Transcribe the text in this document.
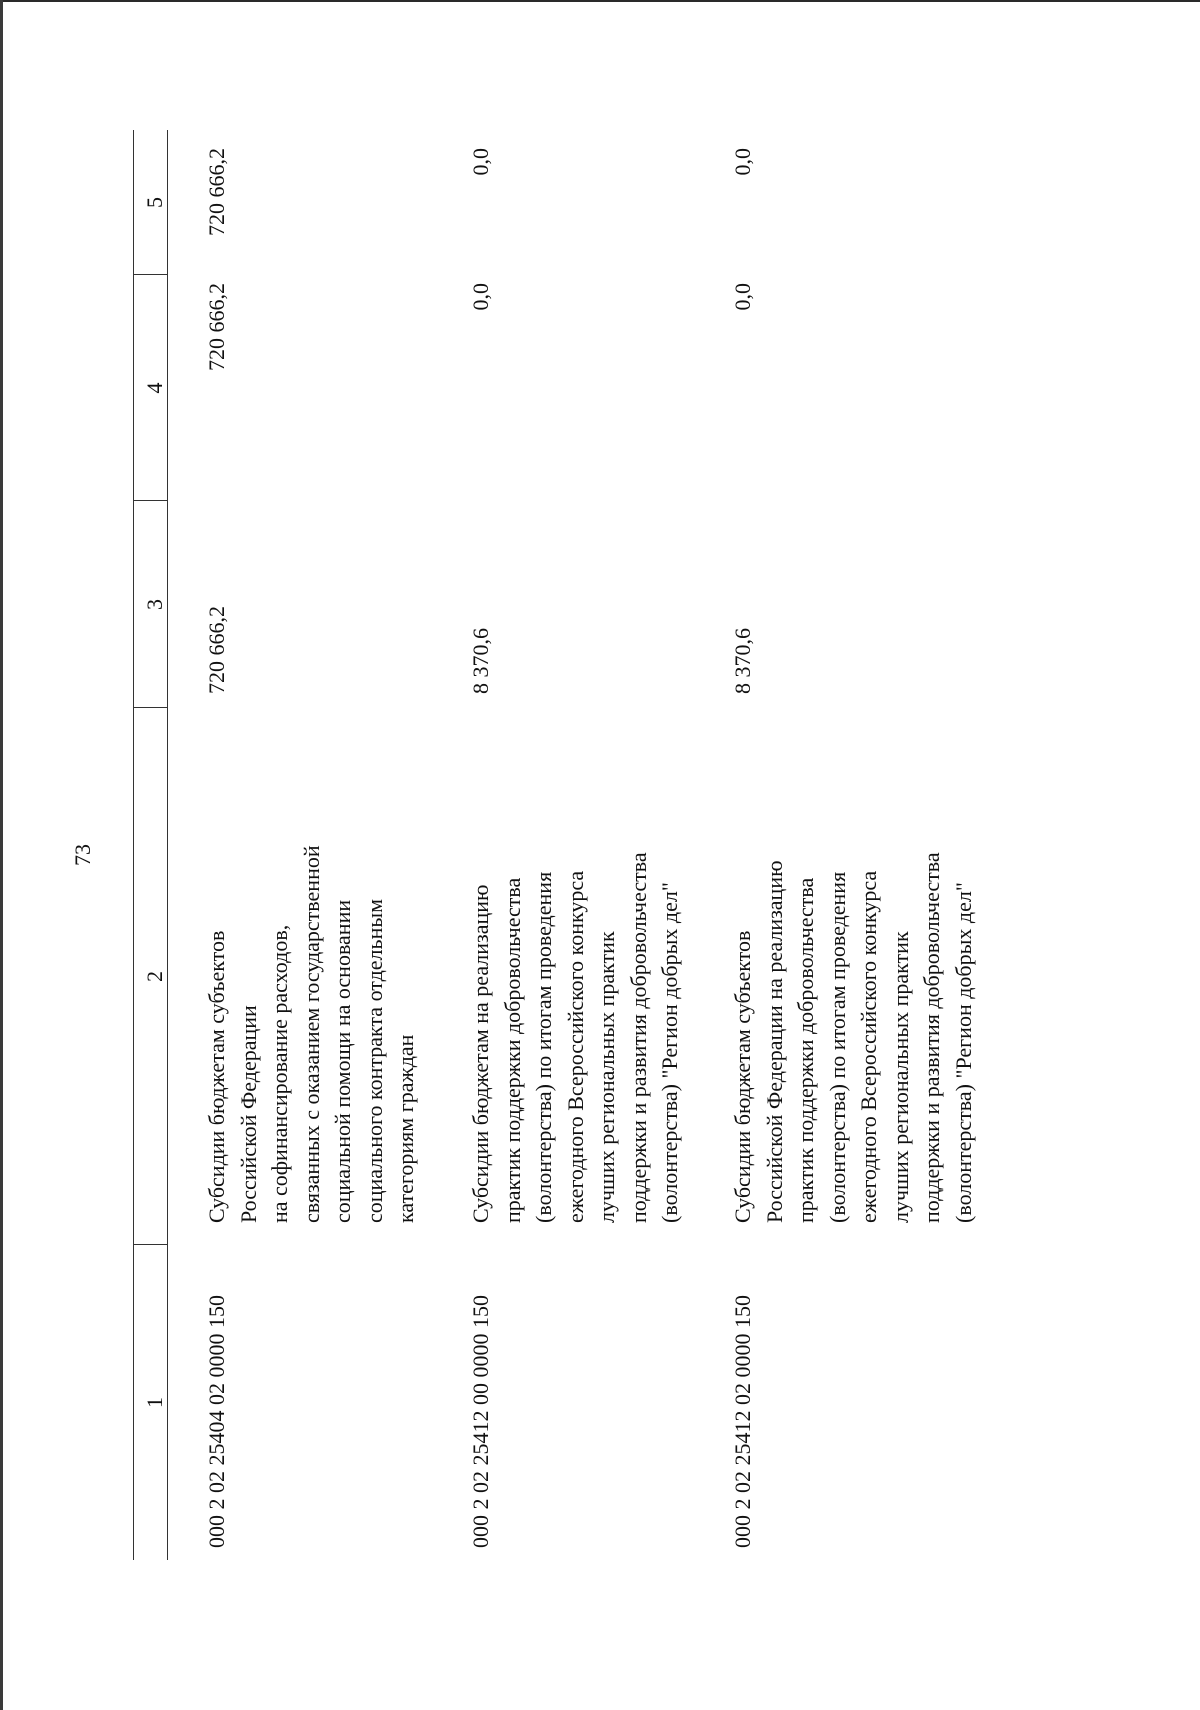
73
1
2
3
4
5
000 2 02 25404 02 0000 150
Субсидии бюджетам субъектов Российской Федерации на софинансирование расходов, связанных с оказанием государственной социальной помощи на основании социального контракта отдельным категориям граждан
720 666,2
720 666,2
720 666,2
000 2 02 25412 00 0000 150
Субсидии бюджетам на реализацию практик поддержки добровольчества (волонтерства) по итогам проведения ежегодного Всероссийского конкурса лучших региональных практик поддержки и развития добровольчества (волонтерства) "Регион добрых дел"
8 370,6
0,0
0,0
000 2 02 25412 02 0000 150
Субсидии бюджетам субъектов Российской Федерации на реализацию практик поддержки добровольчества (волонтерства) по итогам проведения ежегодного Всероссийского конкурса лучших региональных практик поддержки и развития добровольчества (волонтерства) "Регион добрых дел"
8 370,6
0,0
0,0
